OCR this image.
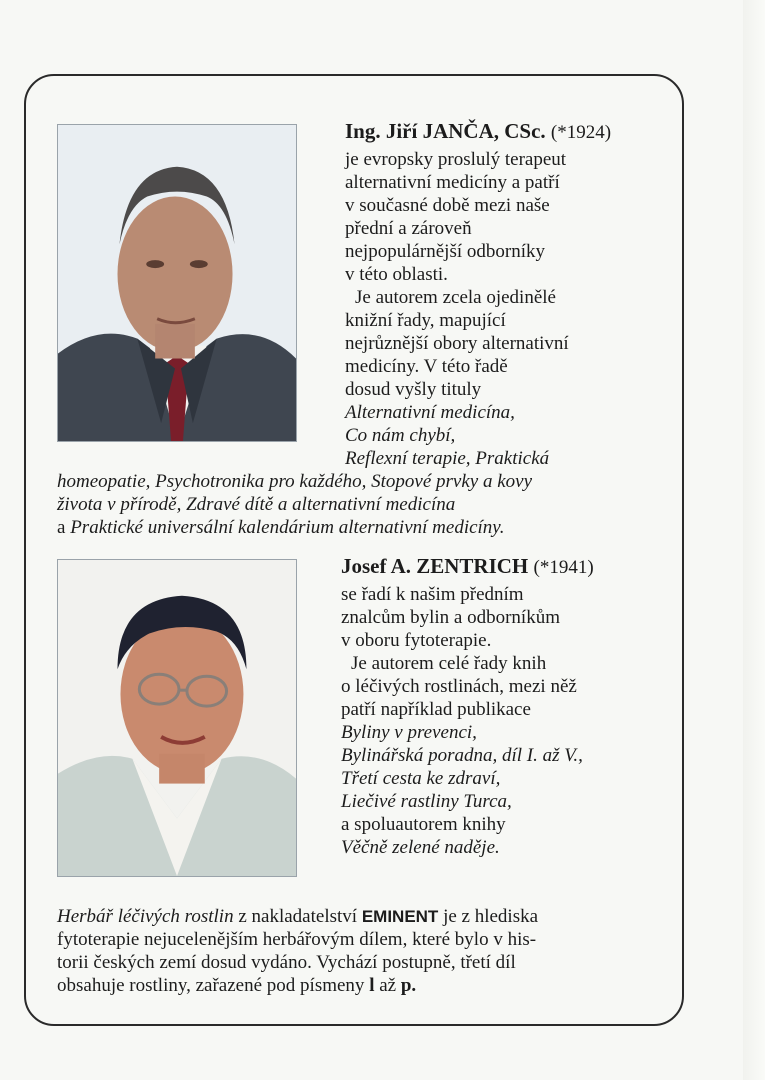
Ing. Jiří JANČA, CSc. (*1924)
je evropsky proslulý terapeut
alternativní medicíny a patří
v současné době mezi naše
přední a zároveň
nejpopulárnější odborníky
v této oblasti.
Je autorem zcela ojedinělé
knižní řady, mapující
nejrůznější obory alternativní
medicíny. V této řadě
dosud vyšly tituly
Alternativní medicína,
Co nám chybí,
Reflexní terapie, Praktická
homeopatie, Psychotronika pro každého, Stopové prvky a kovy
života v přírodě, Zdravé dítě a alternativní medicína
a Praktické universální kalendárium alternativní medicíny.
Josef A. ZENTRICH (*1941)
se řadí k našim předním
znalcům bylin a odborníkům
v oboru fytoterapie.
Je autorem celé řady knih
o léčivých rostlinách, mezi něž
patří například publikace
Byliny v prevenci,
Bylinářská poradna, díl I. až V.,
Třetí cesta ke zdraví,
Liečivé rastliny Turca,
a spoluautorem knihy
Věčně zelené naděje.
Herbář léčivých rostlin z nakladatelství EMINENT je z hlediska
fytoterapie nejucelenějším herbářovým dílem, které bylo v his-
torii českých zemí dosud vydáno. Vychází postupně, třetí díl
obsahuje rostliny, zařazené pod písmeny l až p.
